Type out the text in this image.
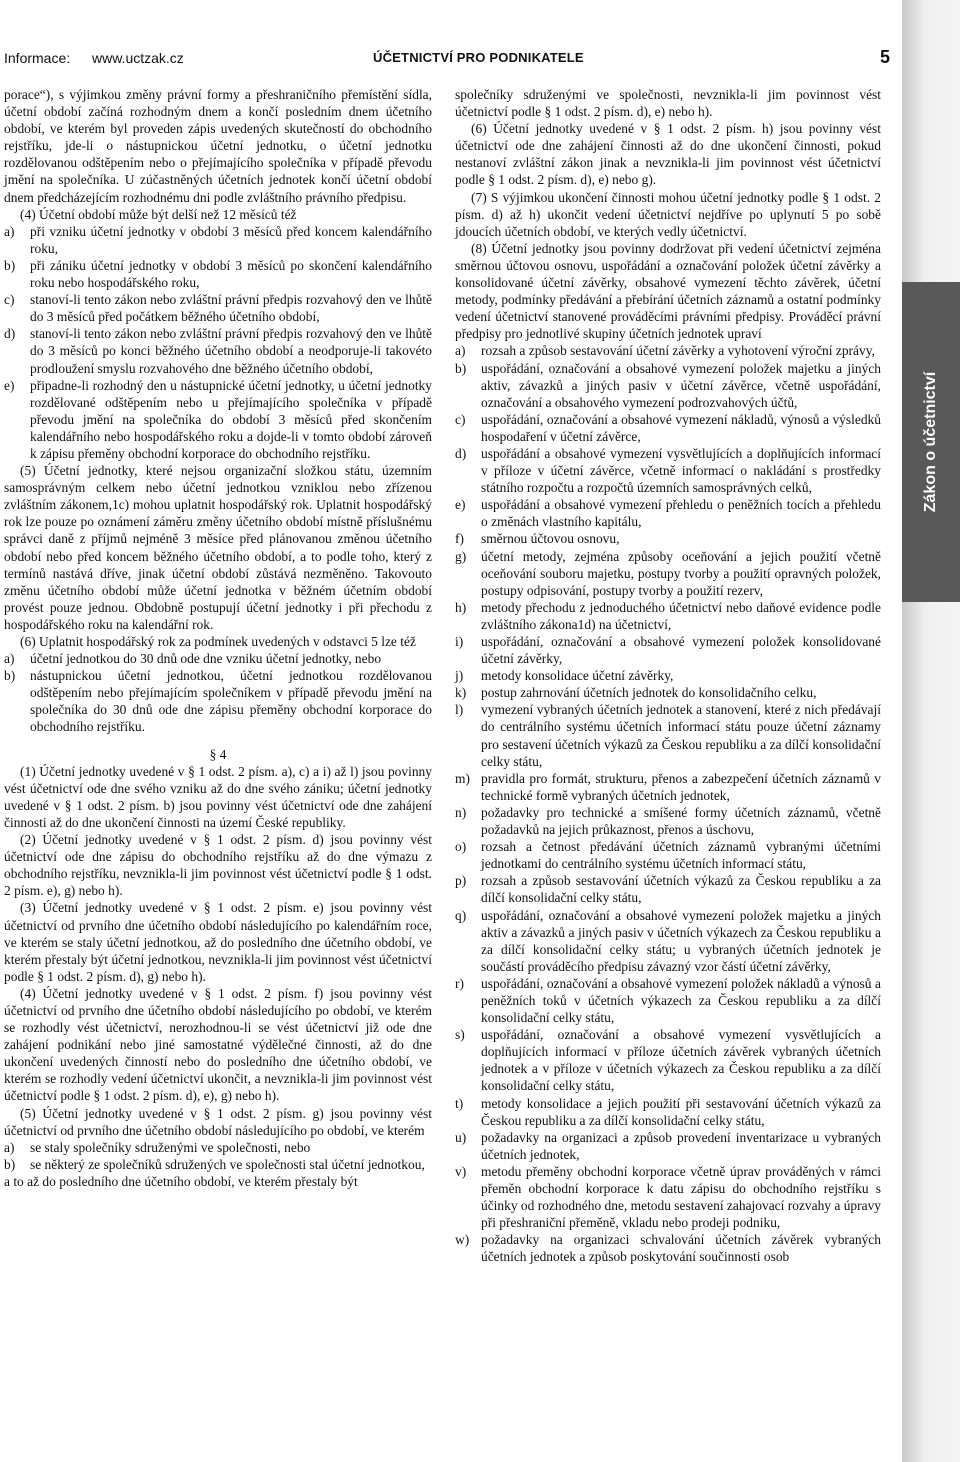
Informace: www.uctzak.cz	ÚČETNICTVÍ PRO PODNIKATELE	5
Zákon o účetnictví

porace“), s výjimkou změny právní formy a přeshraničního přemístění sídla, účetní období začíná rozhodným dnem a končí posledním dnem účetního období, ve kterém byl proveden zápis uvedených skutečností do obchodního rejstříku, jde-li o nástupnickou účetní jednotku, o účetní jednotku rozdělovanou odštěpením nebo o přejímajícího společníka v případě převodu jmění na společníka. U zúčastněných účetních jednotek končí účetní období dnem předcházejícím rozhodnému dni podle zvláštního právního předpisu.

(4) Účetní období může být delší než 12 měsíců též

a) při vzniku účetní jednotky v období 3 měsíců před koncem kalendářního roku,
b) při zániku účetní jednotky v období 3 měsíců po skončení kalendářního roku nebo hospodářského roku,
c) stanoví-li tento zákon nebo zvláštní právní předpis rozvahový den ve lhůtě do 3 měsíců před počátkem běžného účetního období,
d) stanoví-li tento zákon nebo zvláštní právní předpis rozvahový den ve lhůtě do 3 měsíců po konci běžného účetního období a neodporuje-li takovéto prodloužení smyslu rozvahového dne běžného účetního období,
e) připadne-li rozhodný den u nástupnické účetní jednotky, u účetní jednotky rozdělované odštěpením nebo u přejímajícího společníka v případě převodu jmění na společníka do období 3 měsíců před skončením kalendářního nebo hospodářského roku a dojde-li v tomto období zároveň k zápisu přeměny obchodní korporace do obchodního rejstříku.

(5) Účetní jednotky, které nejsou organizační složkou státu, územním samosprávným celkem nebo účetní jednotkou vzniklou nebo zřízenou zvláštním zákonem,1c) mohou uplatnit hospodářský rok. Uplatnit hospodářský rok lze pouze po oznámení záměru změny účetního období místně příslušnému správci daně z příjmů nejméně 3 měsíce před plánovanou změnou účetního období nebo před koncem běžného účetního období, a to podle toho, který z termínů nastává dříve, jinak účetní období zůstává nezměněno. Takovouto změnu účetního období může účetní jednotka v běžném účetním období provést pouze jednou. Obdobně postupují účetní jednotky i při přechodu z hospodářského roku na kalendářní rok.

(6) Uplatnit hospodářský rok za podmínek uvedených v odstavci 5 lze též

a) účetní jednotkou do 30 dnů ode dne vzniku účetní jednotky, nebo
b) nástupnickou účetní jednotkou, účetní jednotkou rozdělovanou odštěpením nebo přejímajícím společníkem v případě převodu jmění na společníka do 30 dnů ode dne zápisu přeměny obchodní korporace do obchodního rejstříku.

§ 4

(1) Účetní jednotky uvedené v § 1 odst. 2 písm. a), c) a i) až l) jsou povinny vést účetnictví ode dne svého vzniku až do dne svého zániku; účetní jednotky uvedené v § 1 odst. 2 písm. b) jsou povinny vést účetnictví ode dne zahájení činnosti až do dne ukončení činnosti na území České republiky.

(2) Účetní jednotky uvedené v § 1 odst. 2 písm. d) jsou povinny vést účetnictví ode dne zápisu do obchodního rejstříku až do dne výmazu z obchodního rejstříku, nevznikla-li jim povinnost vést účetnictví podle § 1 odst. 2 písm. e), g) nebo h).

(3) Účetní jednotky uvedené v § 1 odst. 2 písm. e) jsou povinny vést účetnictví od prvního dne účetního období následujícího po kalendářním roce, ve kterém se staly účetní jednotkou, až do posledního dne účetního období, ve kterém přestaly být účetní jednotkou, nevznikla-li jim povinnost vést účetnictví podle § 1 odst. 2 písm. d), g) nebo h).

(4) Účetní jednotky uvedené v § 1 odst. 2 písm. f) jsou povinny vést účetnictví od prvního dne účetního období následujícího po období, ve kterém se rozhodly vést účetnictví, nerozhodnou-li se vést účetnictví již ode dne zahájení podnikání nebo jiné samostatné výdělečné činnosti, až do dne ukončení uvedených činností nebo do posledního dne účetního období, ve kterém se rozhodly vedení účetnictví ukončit, a nevznikla-li jim povinnost vést účetnictví podle § 1 odst. 2 písm. d), e), g) nebo h).

(5) Účetní jednotky uvedené v § 1 odst. 2 písm. g) jsou povinny vést účetnictví od prvního dne účetního období následujícího po období, ve kterém

a) se staly společníky sdruženými ve společnosti, nebo
b) se některý ze společníků sdružených ve společnosti stal účetní jednotkou,

a to až do posledního dne účetního období, ve kterém přestaly být

společníky sdruženými ve společnosti, nevznikla-li jim povinnost vést účetnictví podle § 1 odst. 2 písm. d), e) nebo h).

(6) Účetní jednotky uvedené v § 1 odst. 2 písm. h) jsou povinny vést účetnictví ode dne zahájení činnosti až do dne ukončení činnosti, pokud nestanoví zvláštní zákon jinak a nevznikla-li jim povinnost vést účetnictví podle § 1 odst. 2 písm. d), e) nebo g).

(7) S výjimkou ukončení činnosti mohou účetní jednotky podle § 1 odst. 2 písm. d) až h) ukončit vedení účetnictví nejdříve po uplynutí 5 po sobě jdoucích účetních období, ve kterých vedly účetnictví.

(8) Účetní jednotky jsou povinny dodržovat při vedení účetnictví zejména směrnou účtovou osnovu, uspořádání a označování položek účetní závěrky a konsolidované účetní závěrky, obsahové vymezení těchto závěrek, účetní metody, podmínky předávání a přebírání účetních záznamů a ostatní podmínky vedení účetnictví stanovené prováděcími právními předpisy. Prováděcí právní předpisy pro jednotlivé skupiny účetních jednotek upraví

a) rozsah a způsob sestavování účetní závěrky a vyhotovení výroční zprávy,
b) uspořádání, označování a obsahové vymezení položek majetku a jiných aktiv, závazků a jiných pasiv v účetní závěrce, včetně uspořádání, označování a obsahového vymezení podrozvahových účtů,
c) uspořádání, označování a obsahové vymezení nákladů, výnosů a výsledků hospodaření v účetní závěrce,
d) uspořádání a obsahové vymezení vysvětlujících a doplňujících informací v příloze v účetní závěrce, včetně informací o nakládání s prostředky státního rozpočtu a rozpočtů územních samosprávných celků,
e) uspořádání a obsahové vymezení přehledu o peněžních tocích a přehledu o změnách vlastního kapitálu,
f) směrnou účtovou osnovu,
g) účetní metody, zejména způsoby oceňování a jejich použití včetně oceňování souboru majetku, postupy tvorby a použití opravných položek, postupy odpisování, postupy tvorby a použití rezerv,
h) metody přechodu z jednoduchého účetnictví nebo daňové evidence podle zvláštního zákona1d) na účetnictví,
i) uspořádání, označování a obsahové vymezení položek konsolidované účetní závěrky,
j) metody konsolidace účetní závěrky,
k) postup zahrnování účetních jednotek do konsolidačního celku,
l) vymezení vybraných účetních jednotek a stanovení, které z nich předávají do centrálního systému účetních informací státu pouze účetní záznamy pro sestavení účetních výkazů za Českou republiku a za dílčí konsolidační celky státu,
m) pravidla pro formát, strukturu, přenos a zabezpečení účetních záznamů v technické formě vybraných účetních jednotek,
n) požadavky pro technické a smíšené formy účetních záznamů, včetně požadavků na jejich průkaznost, přenos a úschovu,
o) rozsah a četnost předávání účetních záznamů vybranými účetními jednotkami do centrálního systému účetních informací státu,
p) rozsah a způsob sestavování účetních výkazů za Českou republiku a za dílčí konsolidační celky státu,
q) uspořádání, označování a obsahové vymezení položek majetku a jiných aktiv a závazků a jiných pasiv v účetních výkazech za Českou republiku a za dílčí konsolidační celky státu; u vybraných účetních jednotek je součástí prováděcího předpisu závazný vzor částí účetní závěrky,
r) uspořádání, označování a obsahové vymezení položek nákladů a výnosů a peněžních toků v účetních výkazech za Českou republiku a za dílčí konsolidační celky státu,
s) uspořádání, označování a obsahové vymezení vysvětlujících a doplňujících informací v příloze účetních závěrek vybraných účetních jednotek a v příloze v účetních výkazech za Českou republiku a za dílčí konsolidační celky státu,
t) metody konsolidace a jejich použití při sestavování účetních výkazů za Českou republiku a za dílčí konsolidační celky státu,
u) požadavky na organizaci a způsob provedení inventarizace u vybraných účetních jednotek,
v) metodu přeměny obchodní korporace včetně úprav prováděných v rámci přeměn obchodní korporace k datu zápisu do obchodního rejstříku s účinky od rozhodného dne, metodu sestavení zahajovací rozvahy a úpravy při přeshraniční přeměně, vkladu nebo prodeji podniku,
w) požadavky na organizaci schvalování účetních závěrek vybraných účetních jednotek a způsob poskytování součinnosti osob
